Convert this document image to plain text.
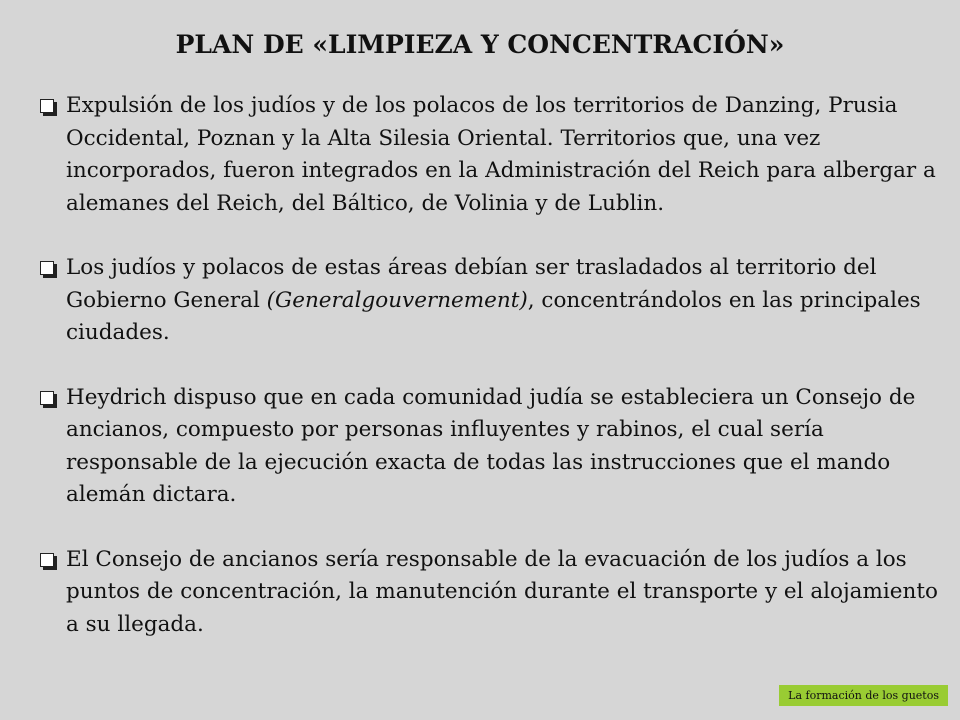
PLAN DE «LIMPIEZA Y CONCENTRACIÓN»
Expulsión de los judíos y de los polacos de los territorios de Danzing, Prusia Occidental, Poznan y la Alta Silesia Oriental. Territorios que, una vez incorporados, fueron integrados en la Administración del Reich para albergar a alemanes del Reich, del Báltico, de Volinia y de Lublin.
Los judíos y polacos de estas áreas debían ser trasladados al territorio del Gobierno General (Generalgouvernement), concentrándolos en las principales ciudades.
Heydrich dispuso que en cada comunidad judía se estableciera un Consejo de ancianos, compuesto por personas influyentes y rabinos, el cual sería responsable de la ejecución exacta de todas las instrucciones que el mando alemán dictara.
El Consejo de ancianos sería responsable de la evacuación de los judíos a los puntos de concentración, la manutención durante el transporte y el alojamiento a su llegada.
La formación de los guetos
